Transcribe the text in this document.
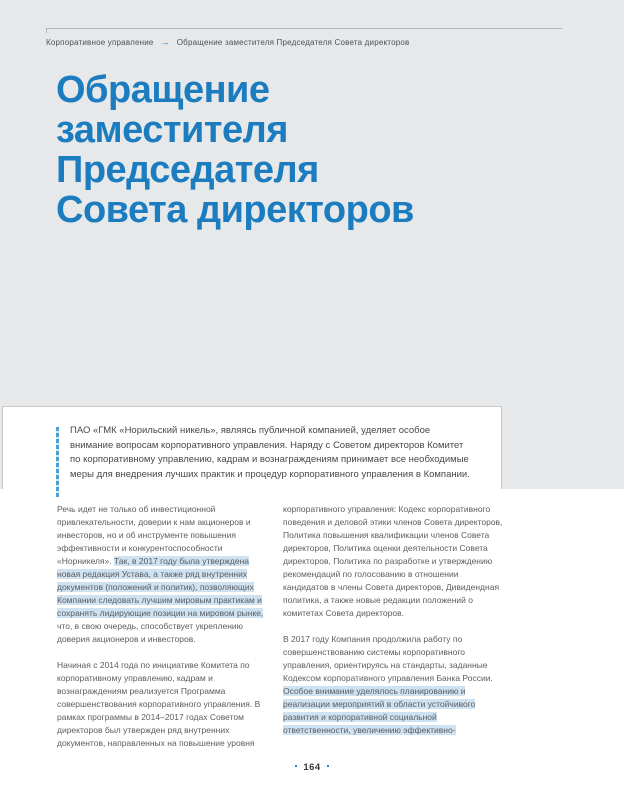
Корпоративное управление → Обращение заместителя Председателя Совета директоров
Обращение
заместителя
Председателя
Совета директоров
ПАО «ГМК «Норильский никель», являясь публичной компанией, уделяет особое внимание вопросам корпоративного управления. Наряду с Советом директоров Комитет по корпоративному управлению, кадрам и вознаграждениям принимает все необходимые меры для внедрения лучших практик и процедур корпоративного управления в Компании.

Речь идет не только об инвестиционной привлекательности, доверии к нам акционеров и инвесторов, но и об инструменте повышения эффективности и конкурентоспособности «Норникеля». Так, в 2017 году была утверждена новая редакция Устава, а также ряд внутренних документов (положений и политик), позволяющих Компании следовать лучшим мировым практикам и сохранять лидирующие позиции на мировом рынке, что, в свою очередь, способствует укреплению доверия акционеров и инвесторов.

Начиная с 2014 года по инициативе Комитета по корпоративному управлению, кадрам и вознаграждениям реализуется Программа совершенствования корпоративного управления. В рамках программы в 2014–2017 годах Советом директоров был утвержден ряд внутренних документов, направленных на повышение уровня

корпоративного управления: Кодекс корпоративного поведения и деловой этики членов Совета директоров, Политика повышения квалификации членов Совета директоров, Политика оценки деятельности Совета директоров, Политика по разработке и утверждению рекомендаций по голосованию в отношении кандидатов в члены Совета директоров, Дивидендная политика, а также новые редакции положений о комитетах Совета директоров.

В 2017 году Компания продолжила работу по совершенствованию системы корпоративного управления, ориентируясь на стандарты, заданные Кодексом корпоративного управления Банка России. Особое внимание уделялось планированию и реализации мероприятий в области устойчивого развития и корпоративной социальной ответственности, увеличению эффективно-

164
